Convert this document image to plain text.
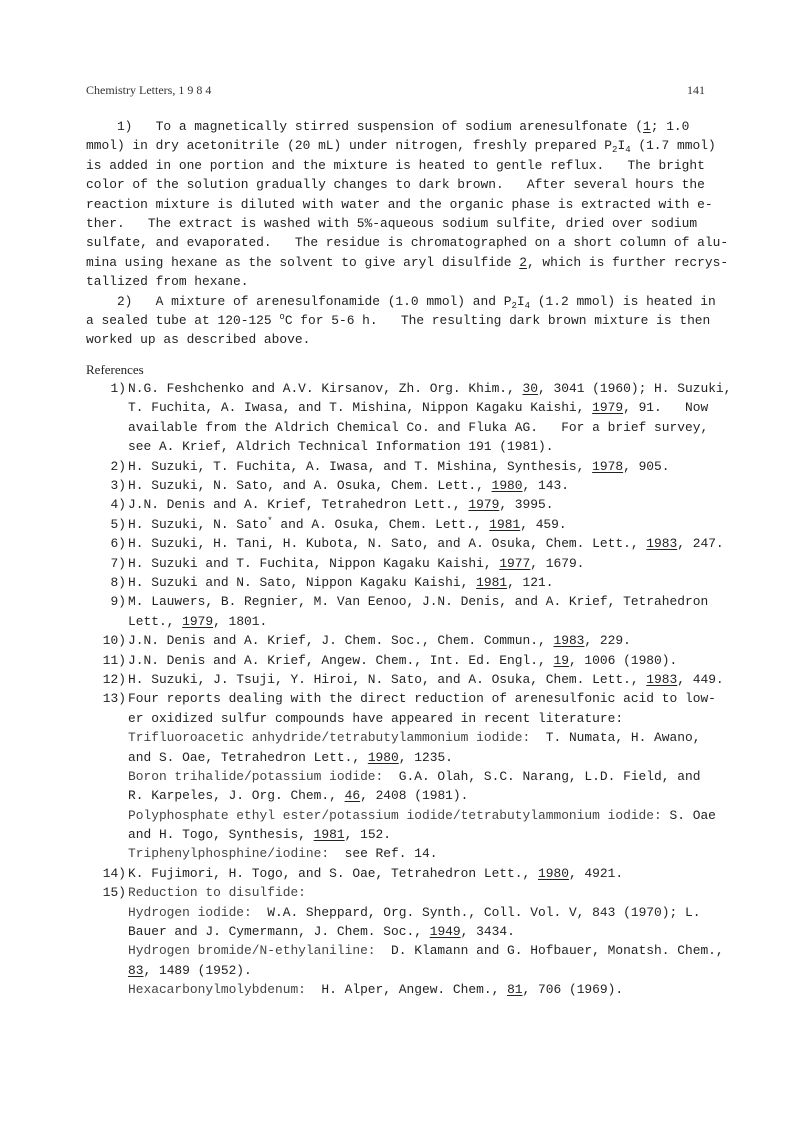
Chemistry Letters, 1 9 8 4	141
1)   To a magnetically stirred suspension of sodium arenesulfonate (1; 1.0
mmol) in dry acetonitrile (20 mL) under nitrogen, freshly prepared $P_2I_4$ (1.7 mmol)
is added in one portion and the mixture is heated to gentle reflux.   The bright
color of the solution gradually changes to dark brown.   After several hours the
reaction mixture is diluted with water and the organic phase is extracted with e-
ther.   The extract is washed with 5%-aqueous sodium sulfite, dried over sodium
sulfate, and evaporated.   The residue is chromatographed on a short column of alu-
mina using hexane as the solvent to give aryl disulfide 2, which is further recrys-
tallized from hexane.
2)   A mixture of arenesulfonamide (1.0 mmol) and $P_2I_4$ (1.2 mmol) is heated in
a sealed tube at 120-125 $^o$C for 5-6 h.   The resulting dark brown mixture is then
worked up as described above.
References
1) N.G. Feshchenko and A.V. Kirsanov, Zh. Org. Khim., 30, 3041 (1960); H. Suzuki,
T. Fuchita, A. Iwasa, and T. Mishina, Nippon Kagaku Kaishi, 1979, 91.   Now
available from the Aldrich Chemical Co. and Fluka AG.   For a brief survey,
see A. Krief, Aldrich Technical Information 191 (1981).
2) H. Suzuki, T. Fuchita, A. Iwasa, and T. Mishina, Synthesis, 1978, 905.
3) H. Suzuki, N. Sato, and A. Osuka, Chem. Lett., 1980, 143.
4) J.N. Denis and A. Krief, Tetrahedron Lett., 1979, 3995.
5) H. Suzuki, N. Sato* and A. Osuka, Chem. Lett., 1981, 459.
6) H. Suzuki, H. Tani, H. Kubota, N. Sato, and A. Osuka, Chem. Lett., 1983, 247.
7) H. Suzuki and T. Fuchita, Nippon Kagaku Kaishi, 1977, 1679.
8) H. Suzuki and N. Sato, Nippon Kagaku Kaishi, 1981, 121.
9) M. Lauwers, B. Regnier, M. Van Eenoo, J.N. Denis, and A. Krief, Tetrahedron
Lett., 1979, 1801.
10) J.N. Denis and A. Krief, J. Chem. Soc., Chem. Commun., 1983, 229.
11) J.N. Denis and A. Krief, Angew. Chem., Int. Ed. Engl., 19, 1006 (1980).
12) H. Suzuki, J. Tsuji, Y. Hiroi, N. Sato, and A. Osuka, Chem. Lett., 1983, 449.
13) Four reports dealing with the direct reduction of arenesulfonic acid to low-
er oxidized sulfur compounds have appeared in recent literature:
Trifluoroacetic anhydride/tetrabutylammonium iodide:  T. Numata, H. Awano,
and S. Oae, Tetrahedron Lett., 1980, 1235.
Boron trihalide/potassium iodide:  G.A. Olah, S.C. Narang, L.D. Field, and
R. Karpeles, J. Org. Chem., 46, 2408 (1981).
Polyphosphate ethyl ester/potassium iodide/tetrabutylammonium iodide: S. Oae
and H. Togo, Synthesis, 1981, 152.
Triphenylphosphine/iodine:  see Ref. 14.
14) K. Fujimori, H. Togo, and S. Oae, Tetrahedron Lett., 1980, 4921.
15) Reduction to disulfide:
Hydrogen iodide:  W.A. Sheppard, Org. Synth., Coll. Vol. V, 843 (1970); L.
Bauer and J. Cymermann, J. Chem. Soc., 1949, 3434.
Hydrogen bromide/N-ethylaniline:  D. Klamann and G. Hofbauer, Monatsh. Chem.,
83, 1489 (1952).
Hexacarbonylmolybdenum:  H. Alper, Angew. Chem., 81, 706 (1969).
